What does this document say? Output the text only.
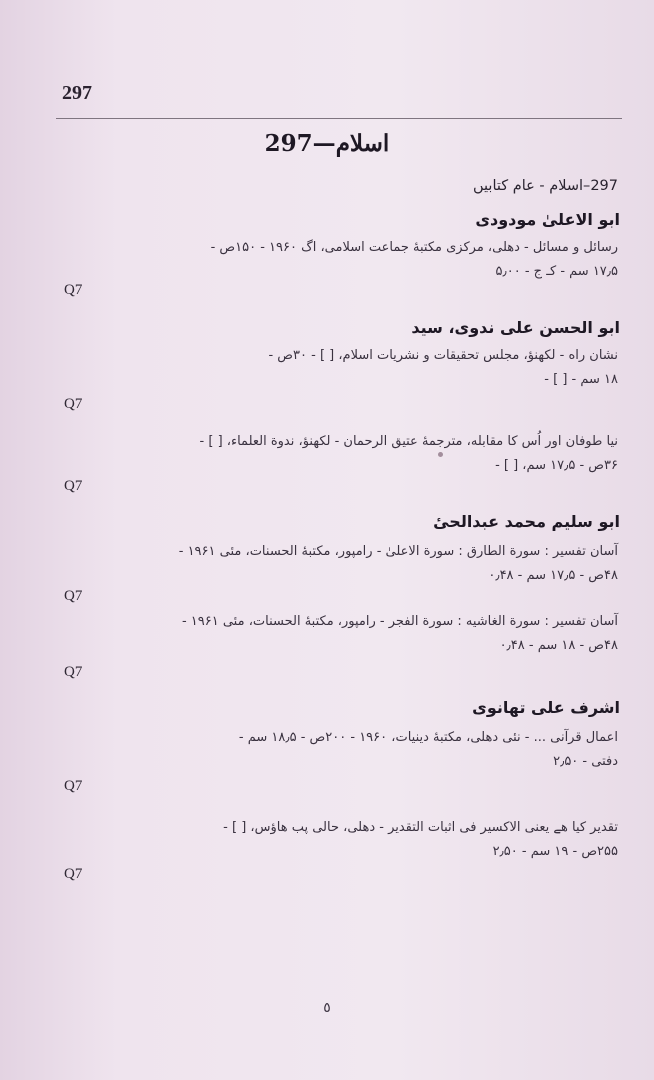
297
297—اسلام
297–اسلام - عام کتابیں
ابو الاعلیٰ مودودی
رسائل و مسائل - دهلی، مرکزی مکتبهٔ جماعت اسلامی، اگ ۱۹۶۰ - ۱۵۰ص -
۱۷٫۵ سم - کـ ج - ۵٫۰۰
Q7
ابو الحسن علی ندوی، سید
نشان راه - لکهنؤ، مجلس تحقیقات و نشریات اسلام، [ ] - ۳۰ص -
۱۸ سم - [ ] -
Q7
نیا طوفان اور اُس کا مقابله، مترجمهٔ عتیق الرحمان - لکهنؤ، ندوة العلماء، [ ] -
۳۶ص - ۱۷٫۵ سم، [ ] -
Q7
ابو سلیم محمد عبدالحیٔ
آسان تفسیر : سورة الطارق : سورة الاعلیٰ - رامپور، مکتبهٔ الحسنات، مئی ۱۹۶۱ -
۴۸ص - ۱۷٫۵ سم - ۰٫۴۸
Q7
آسان تفسیر : سورة الغاشیه : سورة الفجر - رامپور، مکتبهٔ الحسنات، مئی ۱۹۶۱ -
۴۸ص - ۱۸ سم - ۰٫۴۸
Q7
اشرف علی تهانوی
اعمال قرآنی ... - نئی دهلی، مکتبهٔ دینیات، ۱۹۶۰ - ۲۰۰ص - ۱۸٫۵ سم -
دفتی - ۲٫۵۰
Q7
تقدیر کیا هے یعنی الاکسیر فی اثبات التقدیر - دهلی، حالی پب هاؤس، [ ] -
۲۵۵ص - ۱۹ سم - ۲٫۵۰
Q7
٥
